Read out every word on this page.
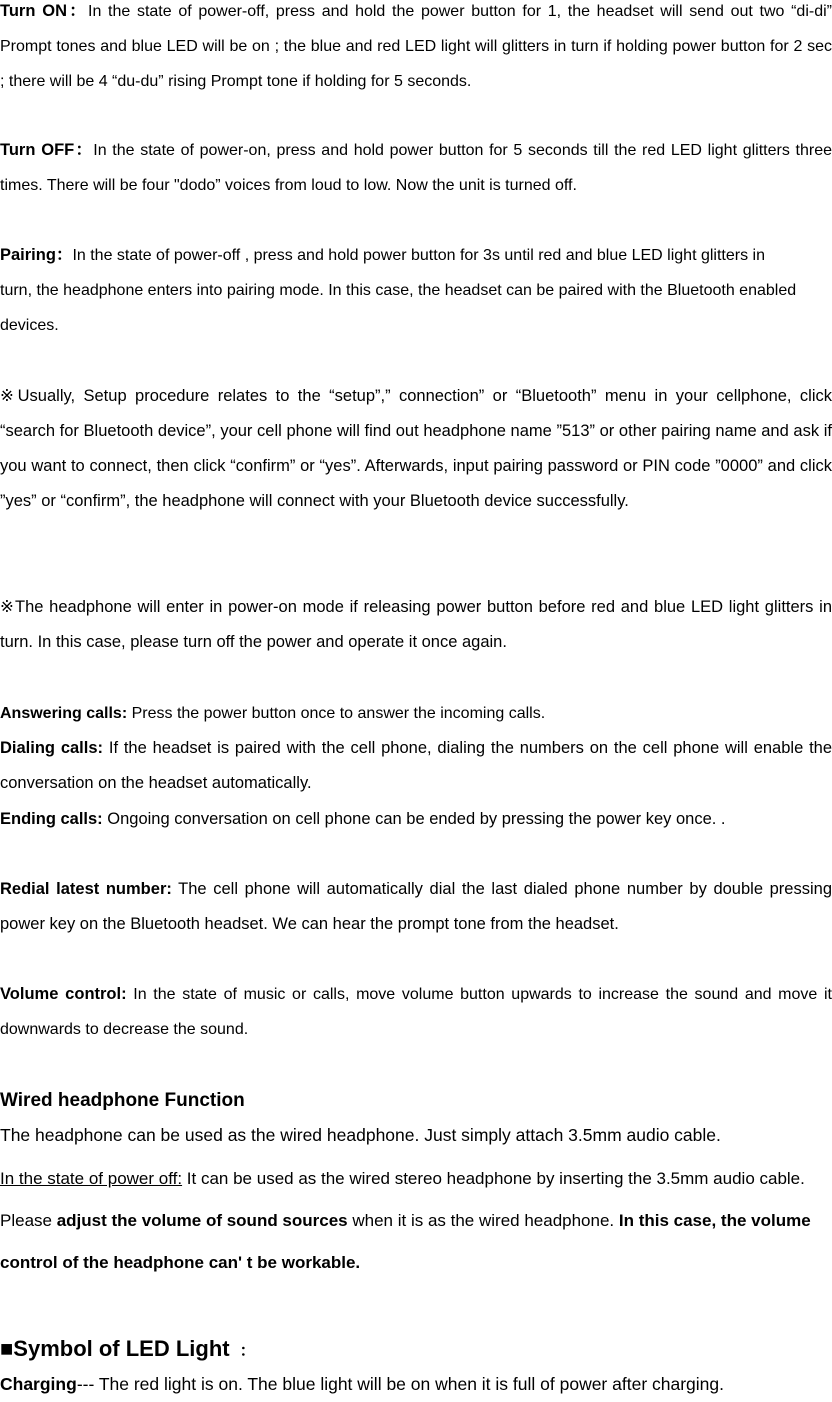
Turn ON：In the state of power-off, press and hold the power button for 1, the headset will send out two “di-di” Prompt tones and blue LED will be on ; the blue and red LED light will glitters in turn if holding power button for 2 sec ; there will be 4 “du-du” rising Prompt tone if holding for 5 seconds.

Turn OFF：In the state of power-on, press and hold power button for 5 seconds till the red LED light glitters three times. There will be four "dodo” voices from loud to low. Now the unit is turned off.

Pairing：In the state of power-off , press and hold power button for 3s until red and blue LED light glitters in turn, the headphone enters into pairing mode. In this case, the headset can be paired with the Bluetooth enabled devices.

※Usually, Setup procedure relates to the “setup”,” connection” or “Bluetooth” menu in your cellphone, click “search for Bluetooth device”, your cell phone will find out headphone name ”513” or other pairing name and ask if you want to connect, then click “confirm” or “yes”. Afterwards, input pairing password or PIN code ”0000” and click ”yes” or “confirm”, the headphone will connect with your Bluetooth device successfully.

※The headphone will enter in power-on mode if releasing power button before red and blue LED light glitters in turn. In this case, please turn off the power and operate it once again.

Answering calls: Press the power button once to answer the incoming calls.

Dialing calls: If the headset is paired with the cell phone, dialing the numbers on the cell phone will enable the conversation on the headset automatically.

Ending calls: Ongoing conversation on cell phone can be ended by pressing the power key once. .

Redial latest number: The cell phone will automatically dial the last dialed phone number by double pressing power key on the Bluetooth headset. We can hear the prompt tone from the headset.

Volume control: In the state of music or calls, move volume button upwards to increase the sound and move it downwards to decrease the sound.

Wired headphone Function

The headphone can be used as the wired headphone. Just simply attach 3.5mm audio cable.

In the state of power off: It can be used as the wired stereo headphone by inserting the 3.5mm audio cable. Please adjust the volume of sound sources when it is as the wired headphone. In this case, the volume control of the headphone can' t be workable.

■Symbol of LED Light ：

Charging--- The red light is on. The blue light will be on when it is full of power after charging.
